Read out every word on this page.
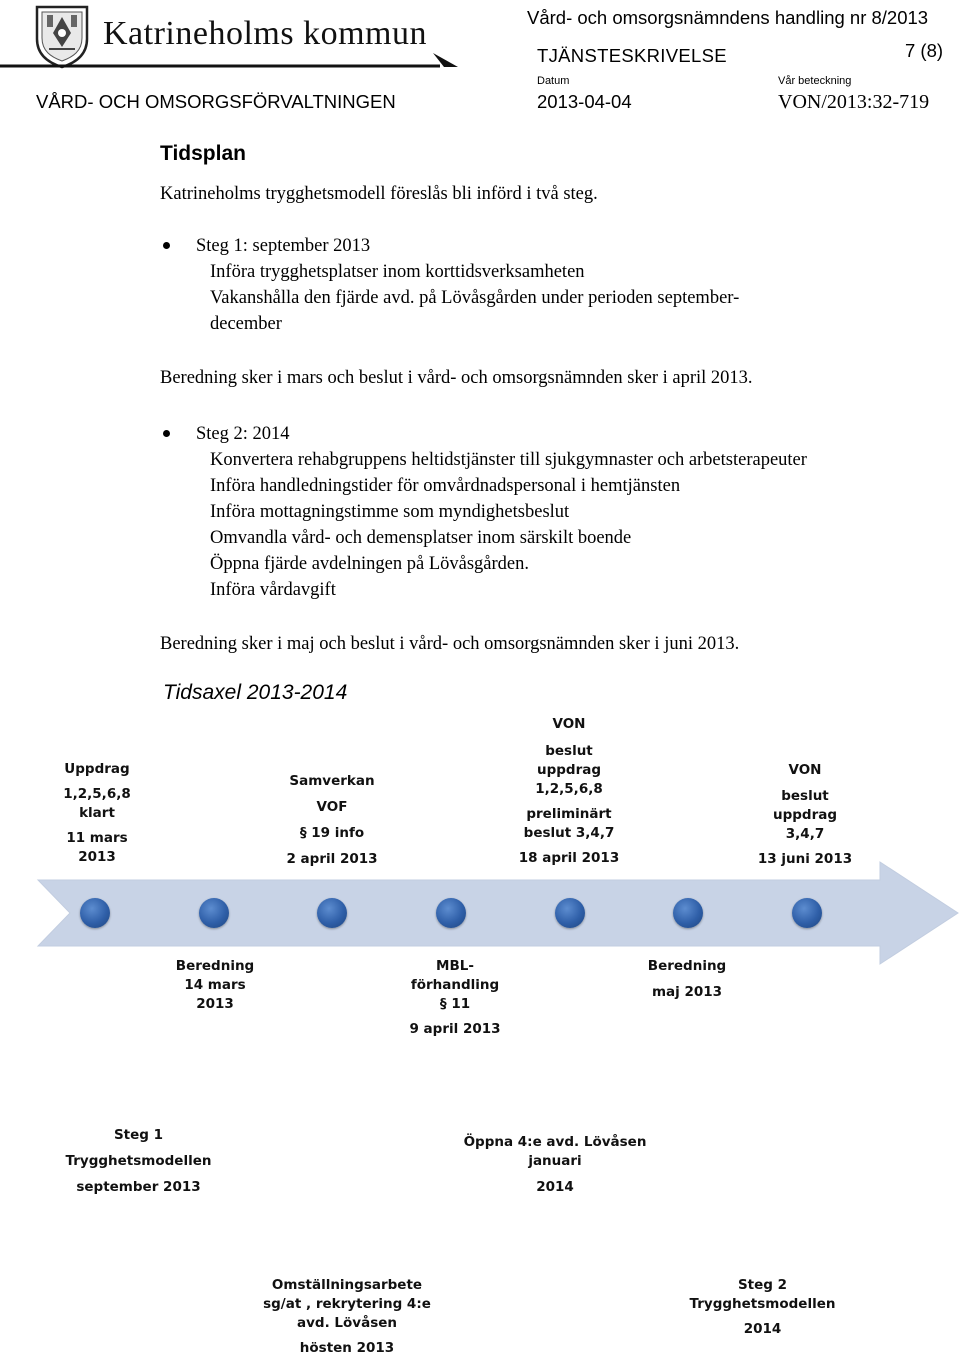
Katrineholms kommun	Vård- och omsorgsnämndens handling nr 8/2013
TJÄNSTESKRIVELSE	7 (8)
VÅRD- OCH OMSORGSFÖRVALTNINGEN
Datum
2013-04-04
Vår beteckning
VON/2013:32-719
Tidsplan
Katrineholms trygghetsmodell föreslås bli införd i två steg.
Steg 1: september 2013
Införa trygghetsplatser inom korttidsverksamheten
Vakanshålla den fjärde avd. på Lövåsgården under perioden september-
december
Beredning sker i mars och beslut i vård- och omsorgsnämnden sker i april 2013.
Steg 2: 2014
Konvertera rehabgruppens heltidstjänster till sjukgymnaster och arbetsterapeuter
Införa handledningstider för omvårdnadspersonal i hemtjänsten
Införa mottagningstimme som myndighetsbeslut
Omvandla vård- och demensplatser inom särskilt boende
Öppna fjärde avdelningen på Lövåsgården.
Införa vårdavgift
Beredning sker i maj och beslut i vård- och omsorgsnämnden sker i juni 2013.
Tidsaxel 2013-2014
Uppdrag
1,2,5,6,8
klart
11 mars
2013
Samverkan
VOF
§ 19 info
2 april 2013
VON
beslut
uppdrag
1,2,5,6,8
preliminärt
beslut 3,4,7
18 april 2013
VON
beslut
uppdrag
3,4,7
13 juni 2013
Beredning
14 mars
2013
MBL-
förhandling
§ 11
9 april 2013
Beredning
maj 2013
Steg 1
Trygghetsmodellen
september 2013
Öppna 4:e avd. Lövåsen
januari
2014
Omställningsarbete
sg/at , rekrytering 4:e
avd. Lövåsen
hösten 2013
Steg 2
Trygghetsmodellen
2014
